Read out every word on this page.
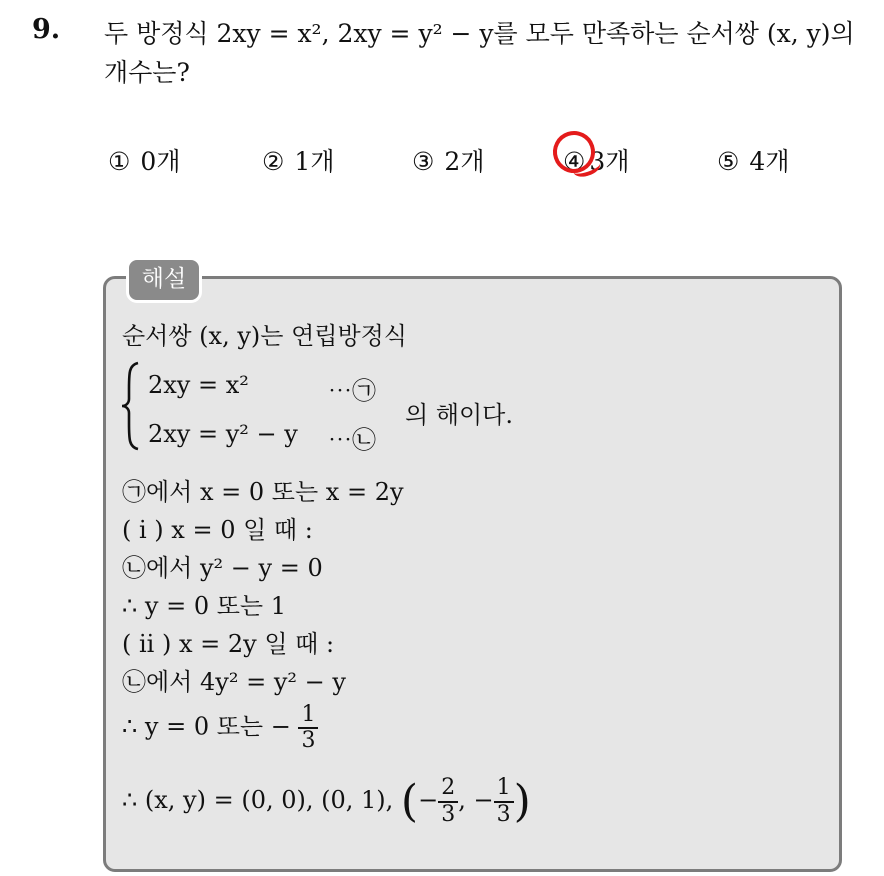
9. 두 방정식 2xy = x², 2xy = y² − y를 모두 만족하는 순서쌍 (x, y)의
개수는?
① 0개	② 1개	③ 2개	④ 3개	⑤ 4개
해설
순서쌍 (x, y)는 연립방정식
2xy = x²	⋯㉠
2xy = y² − y ⋯㉡
의 해이다.
㉠에서 x = 0 또는 x = 2y
( i ) x = 0 일 때 :
㉡에서 y² − y = 0
∴ y = 0 또는 1
( ii ) x = 2y 일 때 :
㉡에서 4y² = y² − y
∴ y = 0 또는 − $\frac{1}{3}$
∴ (x, y) = (0, 0), (0, 1), (− $\frac{2}{3}$ , − $\frac{1}{3}$ )
